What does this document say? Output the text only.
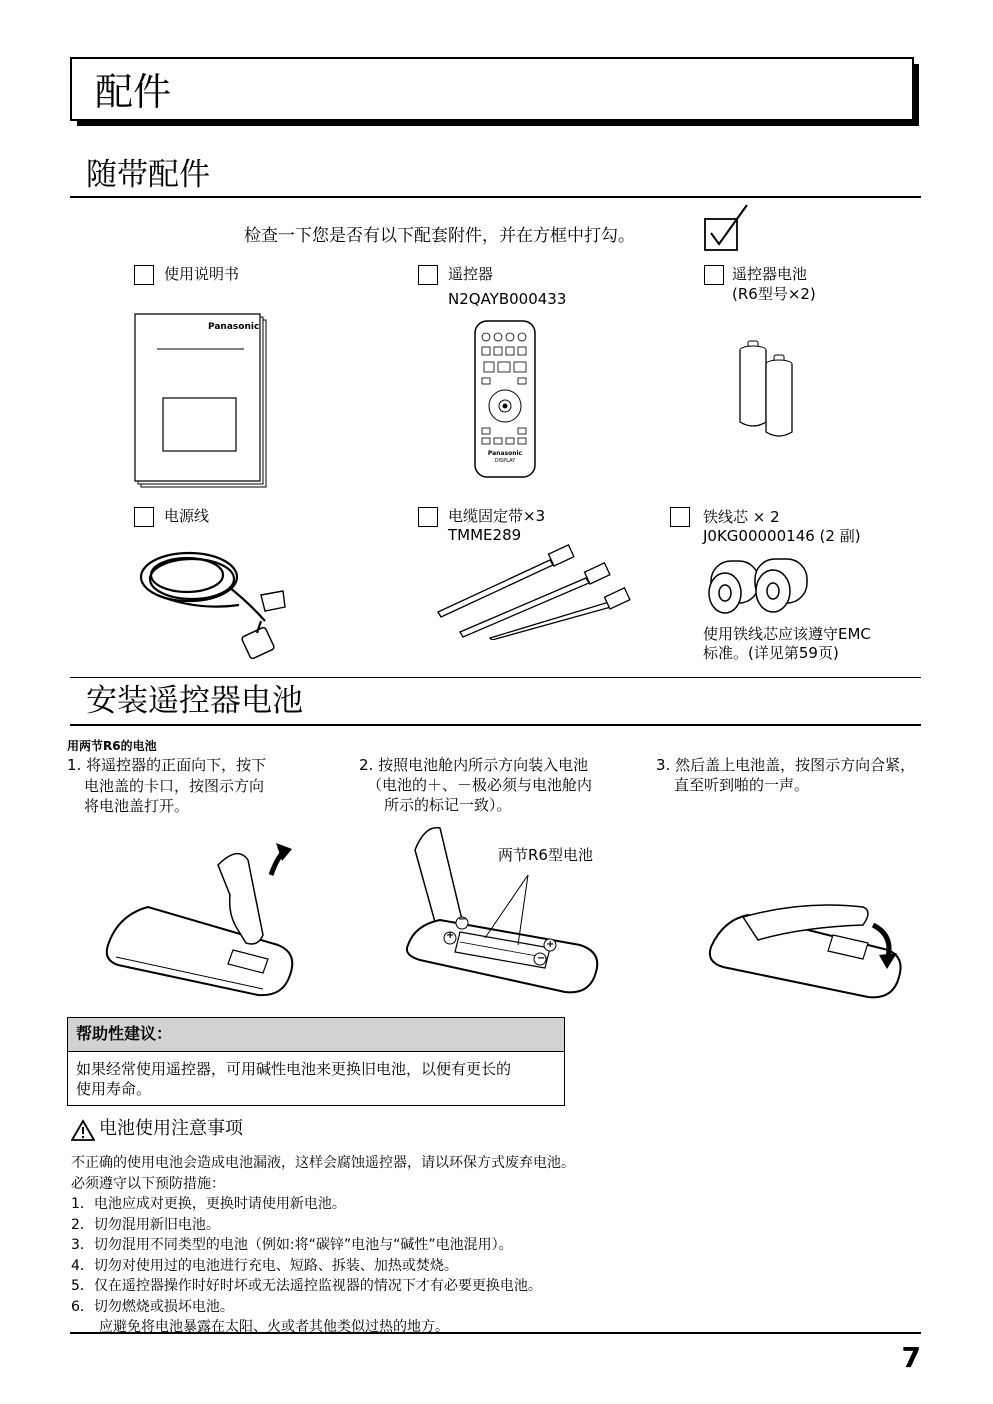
配件
随带配件
检查一下您是否有以下配套附件，并在方框中打勾。
使用说明书	遥控器
N2QAYB000433
遥控器电池
(R6型号×2)
Panasonic
Panasonic
DISPLAY
电源线	电缆固定带×3
TMME289
铁线芯 × 2
J0KG00000146 (2 副)
使用铁线芯应该遵守EMC
标准。(详见第59页)
安装遥控器电池
用两节R6的电池
1. 将遥控器的正面向下，按下
电池盖的卡口，按图示方向
将电池盖打开。
2. 按照电池舱内所示方向装入电池
（电池的＋、－极必须与电池舱内
所示的标记一致）。
3. 然后盖上电池盖，按图示方向合紧，
直至听到啪的一声。
两节R6型电池
−
+
+
−
帮助性建议：
如果经常使用遥控器，可用碱性电池来更换旧电池，以便有更长的
使用寿命。
电池使用注意事项
不正确的使用电池会造成电池漏液，这样会腐蚀遥控器，请以环保方式废弃电池。
必须遵守以下预防措施：
1．电池应成对更换，更换时请使用新电池。
2．切勿混用新旧电池。
3．切勿混用不同类型的电池（例如:将“碳锌”电池与“碱性”电池混用）。
4．切勿对使用过的电池进行充电、短路、拆装、加热或焚烧。
5．仅在遥控器操作时好时坏或无法遥控监视器的情况下才有必要更换电池。
6．切勿燃烧或损坏电池。
　　应避免将电池暴露在太阳、火或者其他类似过热的地方。
7
